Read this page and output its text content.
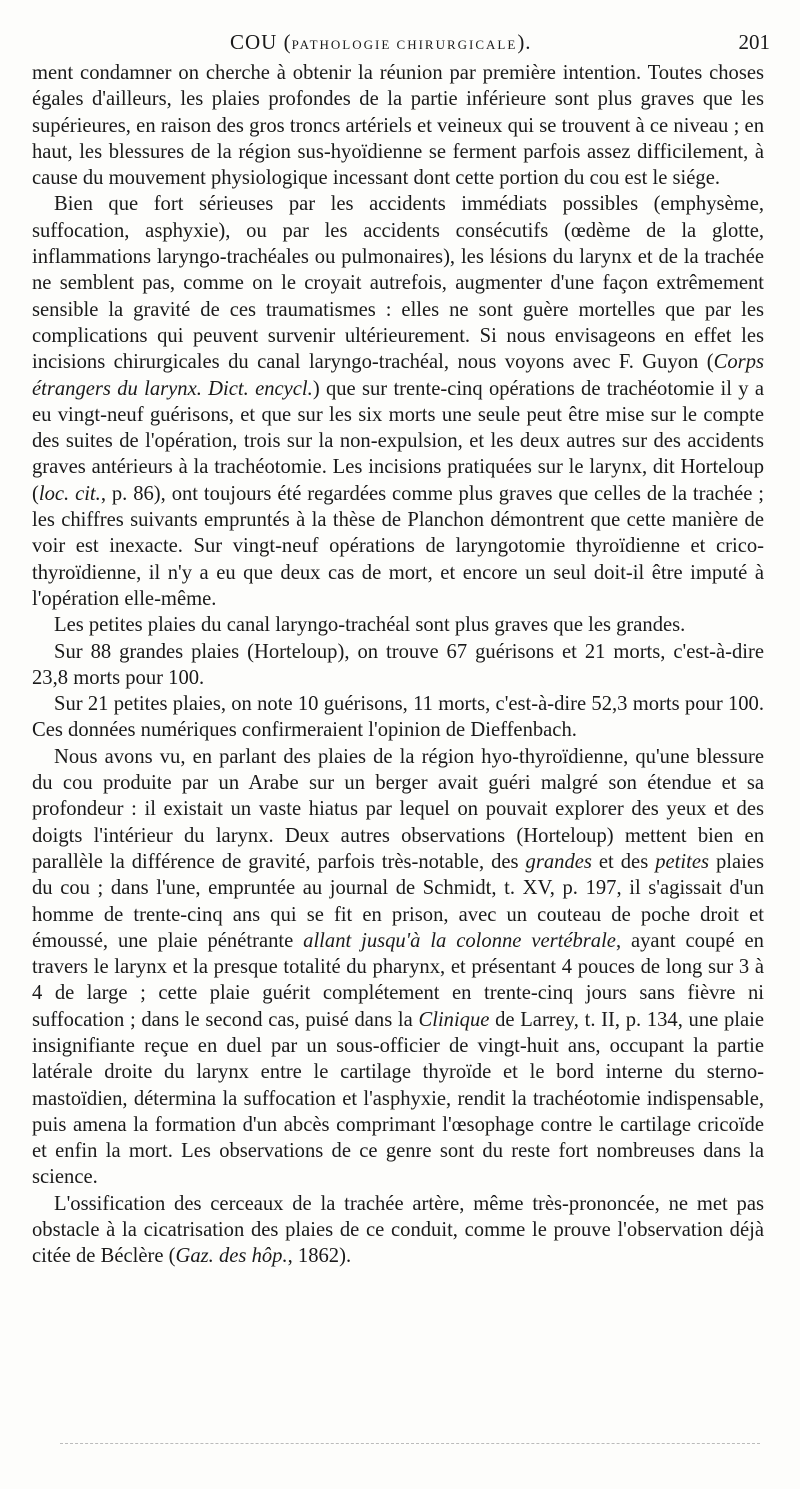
COU (PATHOLOGIE CHIRURGICALE).	201

ment condamner on cherche à obtenir la réunion par première intention. Toutes choses égales d'ailleurs, les plaies profondes de la partie inférieure sont plus graves que les supérieures, en raison des gros troncs artériels et veineux qui se trouvent à ce niveau ; en haut, les blessures de la région sus-hyoïdienne se ferment parfois assez difficilement, à cause du mouvement physiologique incessant dont cette portion du cou est le siége.

Bien que fort sérieuses par les accidents immédiats possibles (emphysème, suffocation, asphyxie), ou par les accidents consécutifs (œdème de la glotte, inflammations laryngo-trachéales ou pulmonaires), les lésions du larynx et de la trachée ne semblent pas, comme on le croyait autrefois, augmenter d'une façon extrêmement sensible la gravité de ces traumatismes : elles ne sont guère mortelles que par les complications qui peuvent survenir ultérieurement. Si nous envisageons en effet les incisions chirurgicales du canal laryngo-trachéal, nous voyons avec F. Guyon (Corps étrangers du larynx. Dict. encycl.) que sur trente-cinq opérations de trachéotomie il y a eu vingt-neuf guérisons, et que sur les six morts une seule peut être mise sur le compte des suites de l'opération, trois sur la non-expulsion, et les deux autres sur des accidents graves antérieurs à la trachéotomie. Les incisions pratiquées sur le larynx, dit Horteloup (loc. cit., p. 86), ont toujours été regardées comme plus graves que celles de la trachée ; les chiffres suivants empruntés à la thèse de Planchon démontrent que cette manière de voir est inexacte. Sur vingt-neuf opérations de laryngotomie thyroïdienne et crico-thyroïdienne, il n'y a eu que deux cas de mort, et encore un seul doit-il être imputé à l'opération elle-même.

Les petites plaies du canal laryngo-trachéal sont plus graves que les grandes.

Sur 88 grandes plaies (Horteloup), on trouve 67 guérisons et 21 morts, c'est-à-dire 23,8 morts pour 100.

Sur 21 petites plaies, on note 10 guérisons, 11 morts, c'est-à-dire 52,3 morts pour 100. Ces données numériques confirmeraient l'opinion de Dieffenbach.

Nous avons vu, en parlant des plaies de la région hyo-thyroïdienne, qu'une blessure du cou produite par un Arabe sur un berger avait guéri malgré son étendue et sa profondeur : il existait un vaste hiatus par lequel on pouvait explorer des yeux et des doigts l'intérieur du larynx. Deux autres observations (Horteloup) mettent bien en parallèle la différence de gravité, parfois très-notable, des grandes et des petites plaies du cou ; dans l'une, empruntée au journal de Schmidt, t. XV, p. 197, il s'agissait d'un homme de trente-cinq ans qui se fit en prison, avec un couteau de poche droit et émoussé, une plaie pénétrante allant jusqu'à la colonne vertébrale, ayant coupé en travers le larynx et la presque totalité du pharynx, et présentant 4 pouces de long sur 3 à 4 de large ; cette plaie guérit complétement en trente-cinq jours sans fièvre ni suffocation ; dans le second cas, puisé dans la Clinique de Larrey, t. II, p. 134, une plaie insignifiante reçue en duel par un sous-officier de vingt-huit ans, occupant la partie latérale droite du larynx entre le cartilage thyroïde et le bord interne du sterno-mastoïdien, détermina la suffocation et l'asphyxie, rendit la trachéotomie indispensable, puis amena la formation d'un abcès comprimant l'œsophage contre le cartilage cricoïde et enfin la mort. Les observations de ce genre sont du reste fort nombreuses dans la science.

L'ossification des cerceaux de la trachée artère, même très-prononcée, ne met pas obstacle à la cicatrisation des plaies de ce conduit, comme le prouve l'observation déjà citée de Béclère (Gaz. des hôp., 1862).
